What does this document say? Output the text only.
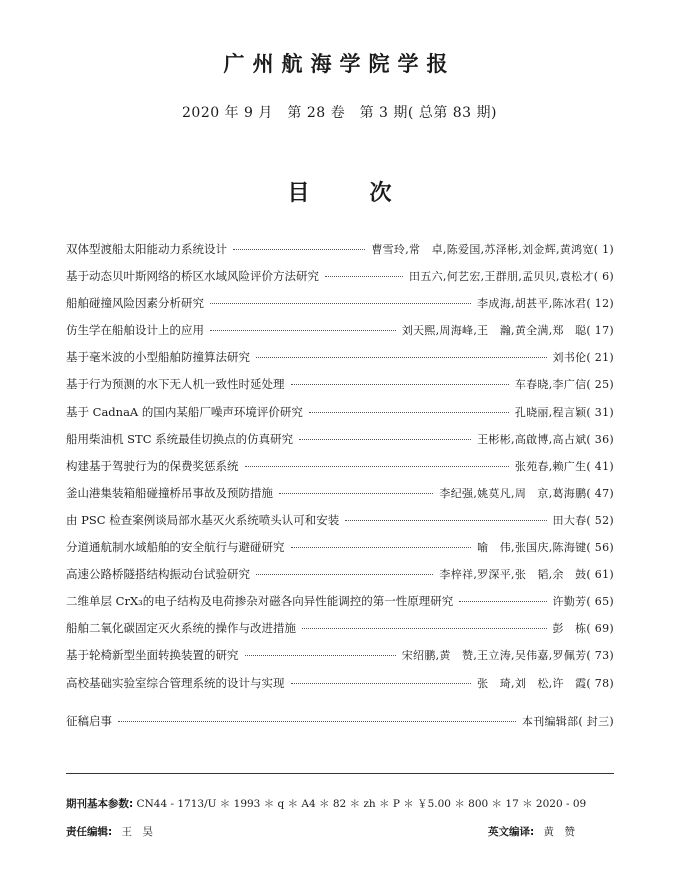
广州航海学院学报
2020 年 9 月　第 28 卷　第 3 期( 总第 83 期)
目	次
双体型渡船太阳能动力系统设计	曹雪玲,常　卓,陈爱国,苏泽彬,刘金辉,黄鸿宽( 1)
基于动态贝叶斯网络的桥区水域风险评价方法研究	田五六,何艺宏,王群朋,孟贝贝,袁松才( 6)
船舶碰撞风险因素分析研究	李成海,胡甚平,陈冰君( 12)
仿生学在船舶设计上的应用	刘天熙,周海峰,王　瀚,黄全满,郑　聪( 17)
基于毫米波的小型船舶防撞算法研究	刘书伦( 21)
基于行为预测的水下无人机一致性时延处理	车春晓,李广信( 25)
基于 CadnaA 的国内某船厂噪声环境评价研究	孔晓丽,程言颖( 31)
船用柴油机 STC 系统最佳切换点的仿真研究	王彬彬,高啟博,高占斌( 36)
构建基于驾驶行为的保费奖惩系统	张苑春,赖广生( 41)
釜山港集装箱船碰撞桥吊事故及预防措施	李纪强,姚莫凡,周　京,葛海鹏( 47)
由 PSC 检查案例谈局部水基灭火系统喷头认可和安装	田大春( 52)
分道通航制水域船舶的安全航行与避碰研究	喻　伟,张国庆,陈海键( 56)
高速公路桥隧搭结构振动台试验研究	李梓祥,罗深平,张　韬,余　鼓( 61)
二维单层 CrX₃的电子结构及电荷掺杂对磁各向异性能调控的第一性原理研究	许勤芳( 65)
船舶二氧化碳固定灭火系统的操作与改进措施	彭　栋( 69)
基于轮椅新型坐面转换装置的研究	宋绍鹏,黄　赞,王立涛,吴伟嘉,罗佩芳( 73)
高校基础实验室综合管理系统的设计与实现	张　琦,刘　松,许　霞( 78)
征稿启事	本刊编辑部( 封三)
期刊基本参数: CN44 - 1713/U ＊ 1993 ＊ q ＊ A4 ＊ 82 ＊ zh ＊ P ＊ ￥5.00 ＊ 800 ＊ 17 ＊ 2020 - 09
责任编辑: 王　昊	英文编译: 黄　赞
